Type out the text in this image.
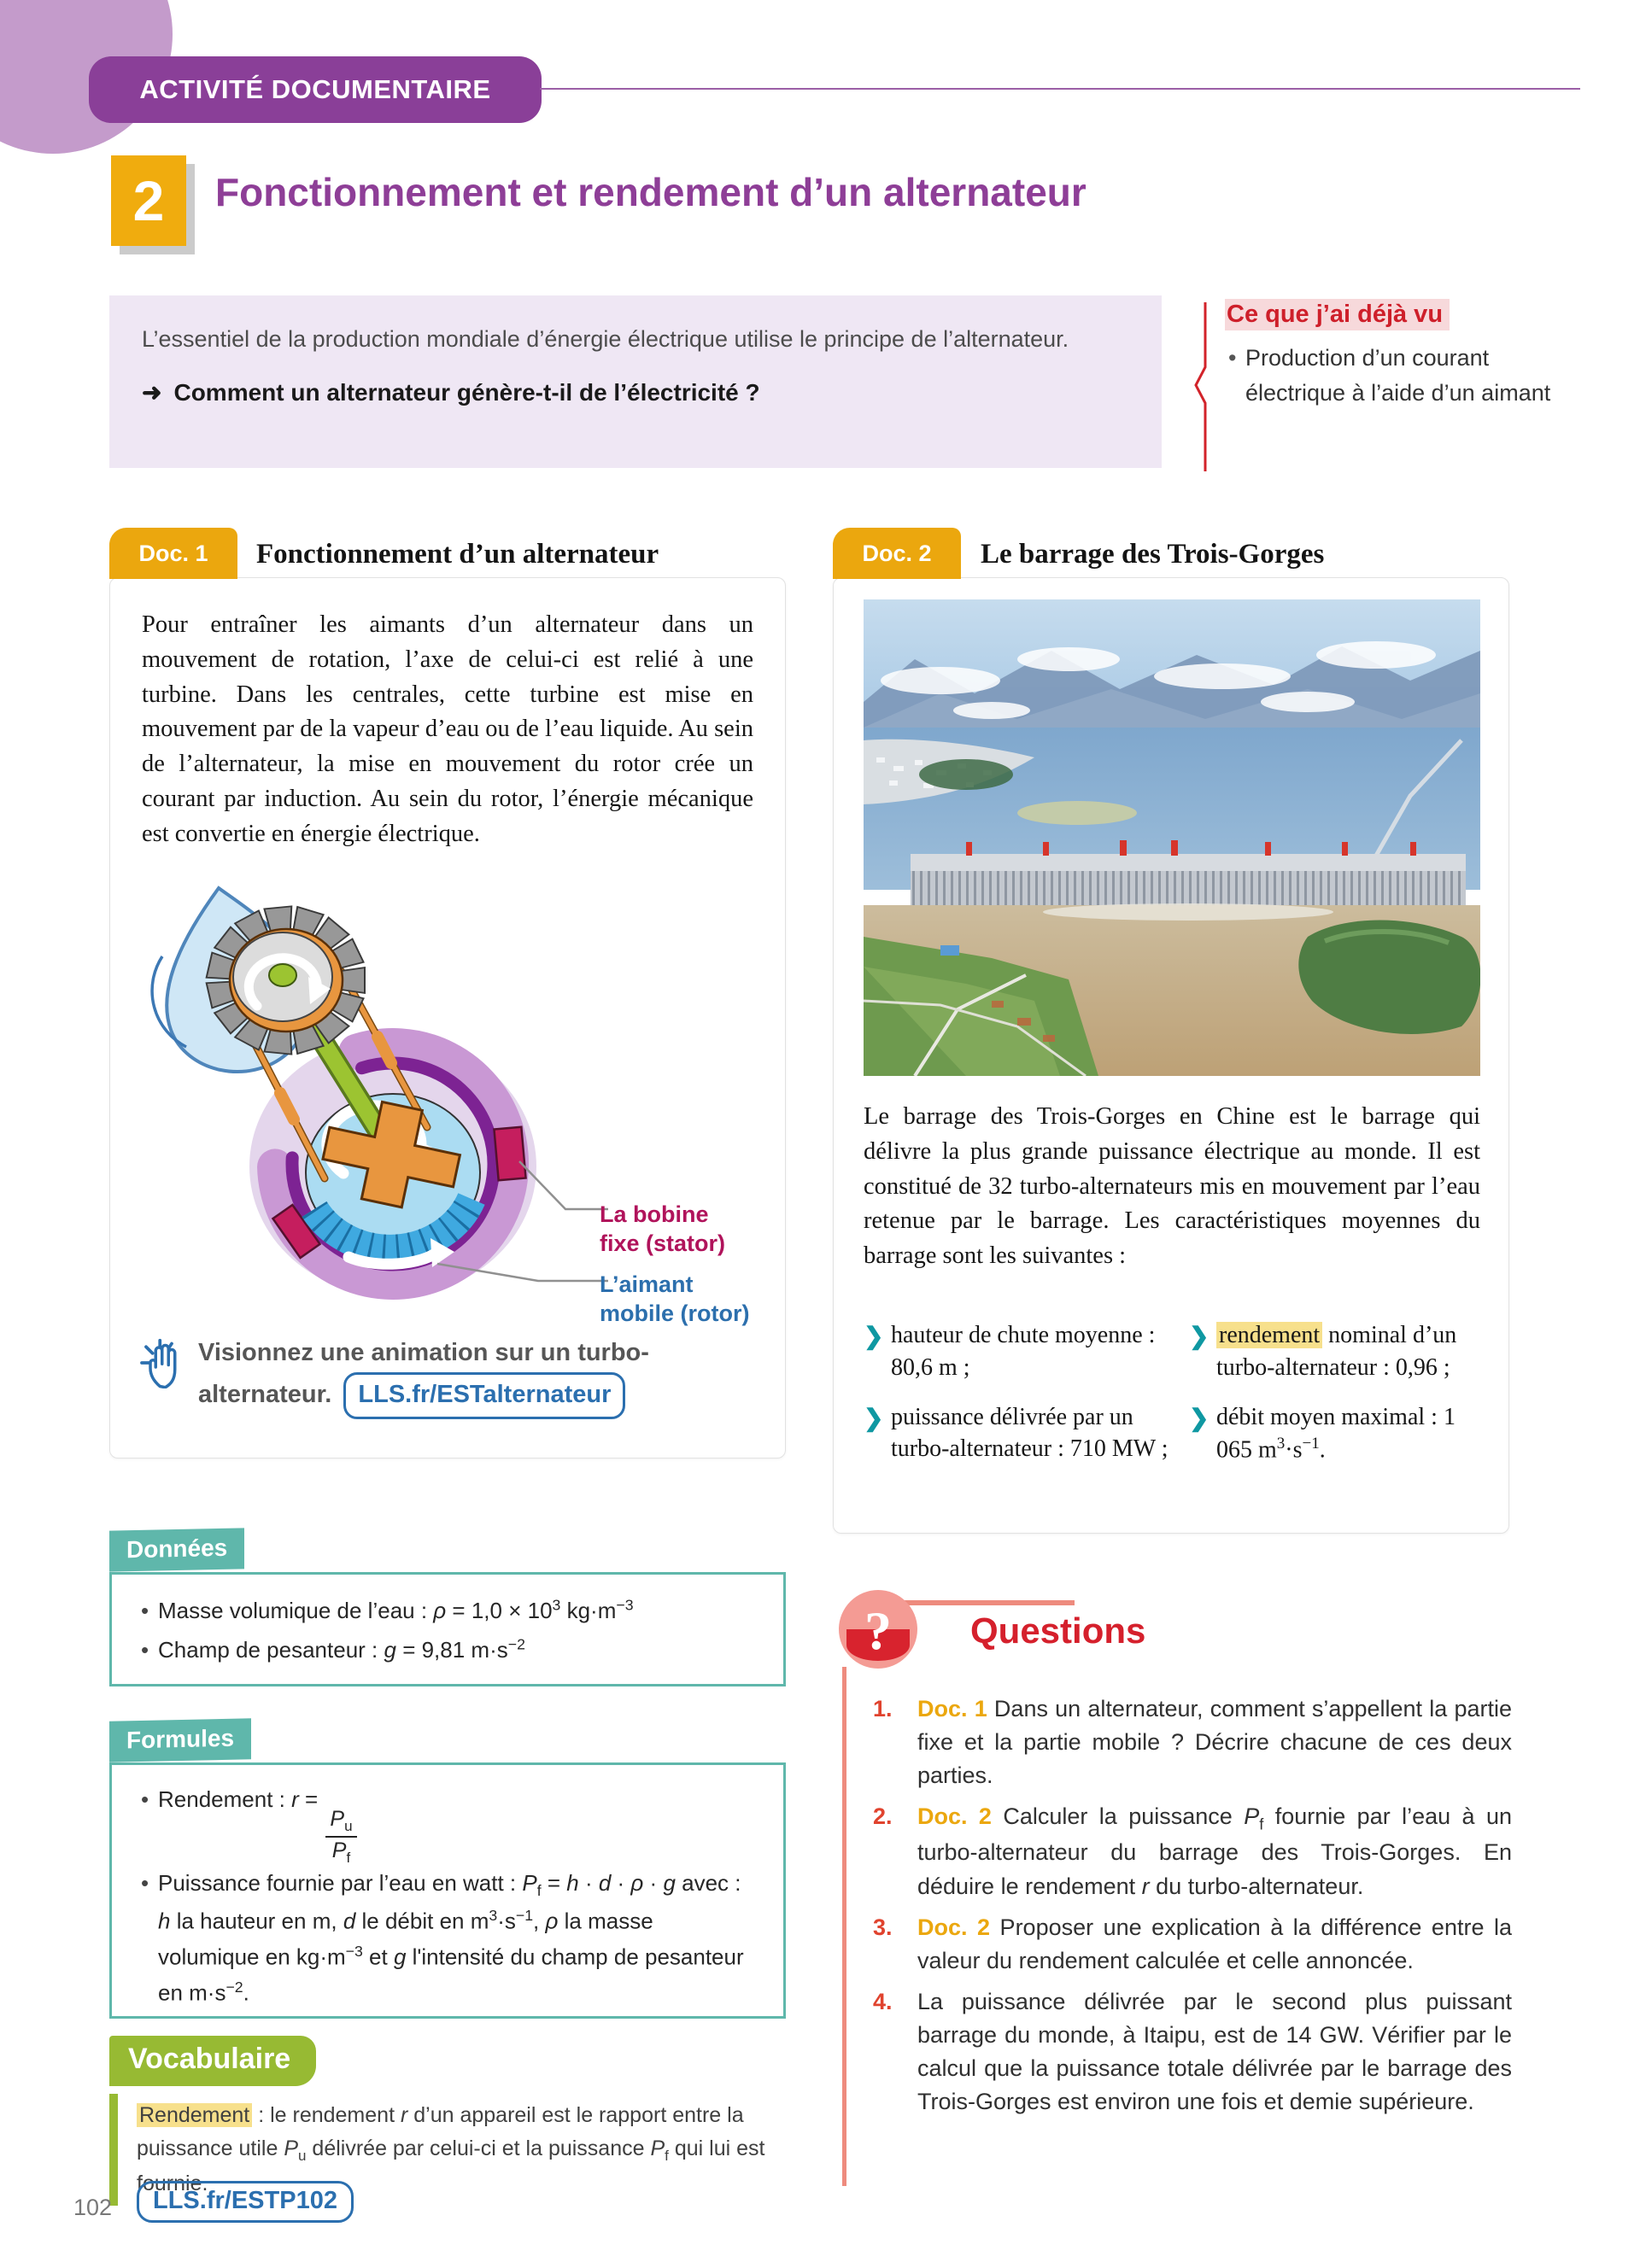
ACTIVITÉ DOCUMENTAIRE
2 Fonctionnement et rendement d’un alternateur

L’essentiel de la production mondiale d’énergie électrique utilise le principe de l’alternateur.

➜ Comment un alternateur génère-t-il de l’électricité ?
Ce que j’ai déjà vu
• Production d’un courant électrique à l’aide d’un aimant
Doc. 1 Fonctionnement d’un alternateur

Pour entraîner les aimants d’un alternateur dans un mouvement de rotation, l’axe de celui-ci est relié à une turbine. Dans les centrales, cette turbine est mise en mouvement par de la vapeur d’eau ou de l’eau liquide. Au sein de l’alternateur, la mise en mouvement du rotor crée un courant par induction. Au sein du rotor, l’énergie mécanique est convertie en énergie électrique.

La bobine fixe (stator)
L’aimant mobile (rotor)
Visionnez une animation sur un turbo-alternateur. LLS.fr/ESTalternateur
Données
• Masse volumique de l’eau : $\rho = 1,0 \times 10^3$ $kg\cdot m^{-3}$
• Champ de pesanteur : g = 9,81 $m\cdot s^{-2}$
Formules
• Rendement : r =
$\frac{P_u}{P_f}$
• Puissance fournie par l’eau en watt : $P_f = h \cdot d \cdot \rho \cdot g$ avec : h la hauteur en m, d le débit en $m^3\cdot s^{-1}$, ρ la masse volumique en $kg\cdot m^{-3}$ et g l'intensité du champ de pesanteur en $m\cdot s^{-2}$.
Vocabulaire
Rendement : le rendement r d’un appareil est le rapport entre la puissance utile $P_u$ délivrée par celui-ci et la puissance $P_f$ qui lui est fournie.
Doc. 2 Le barrage des Trois-Gorges

Le barrage des Trois-Gorges en Chine est le barrage qui délivre la plus grande puissance électrique au monde. Il est constitué de 32 turbo-alternateurs mis en mouvement par l’eau retenue par le barrage. Les caractéristiques moyennes du barrage sont les suivantes :

❯ hauteur de chute moyenne : 80,6 m ;
❯ puissance délivrée par un turbo-alternateur : 710 MW ;
❯ rendement nominal d’un turbo-alternateur : 0,96 ;
❯ débit moyen maximal : 1 065 $m^3\cdot s^{-1}$.
?	Questions
1. Doc. 1 Dans un alternateur, comment s’appellent la partie fixe et la partie mobile ? Décrire chacune de ces deux parties.
2. Doc. 2 Calculer la puissance $P_f$ fournie par l’eau à un turbo-alternateur du barrage des Trois-Gorges. En déduire le rendement r du turbo-alternateur.
3. Doc. 2 Proposer une explication à la différence entre la valeur du rendement calculée et celle annoncée.
4. La puissance délivrée par le second plus puissant barrage du monde, à Itaipu, est de 14 GW. Vérifier par le calcul que la puissance totale délivrée par le barrage des Trois-Gorges est environ une fois et demie supérieure.
102	LLS.fr/ESTP102
